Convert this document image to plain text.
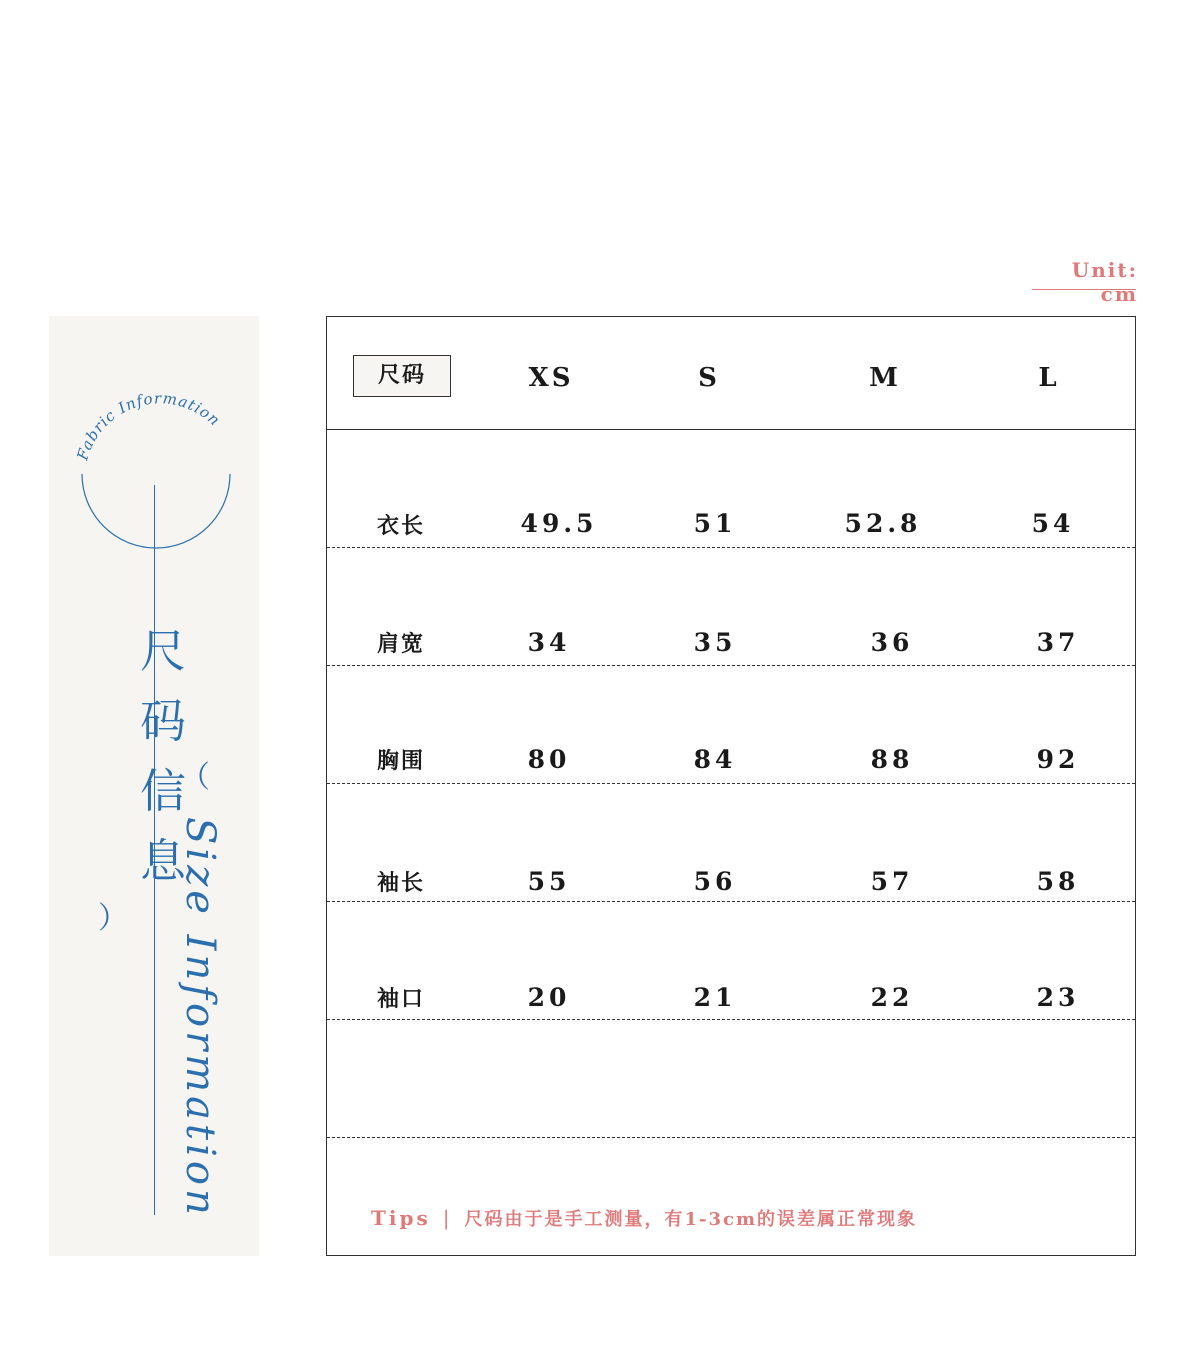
Unit: cm
Fabric Information
尺
码
信
息
（
） Size Information
尺码	XS	S	M	L
衣长	49.5	51	52.8	54
肩宽	34	35	36	37
胸围	80	84	88	92
袖长	55	56	57	58
袖口	20	21	22	23
Tips | 尺码由于是手工测量，有1-3cm的误差属正常现象
